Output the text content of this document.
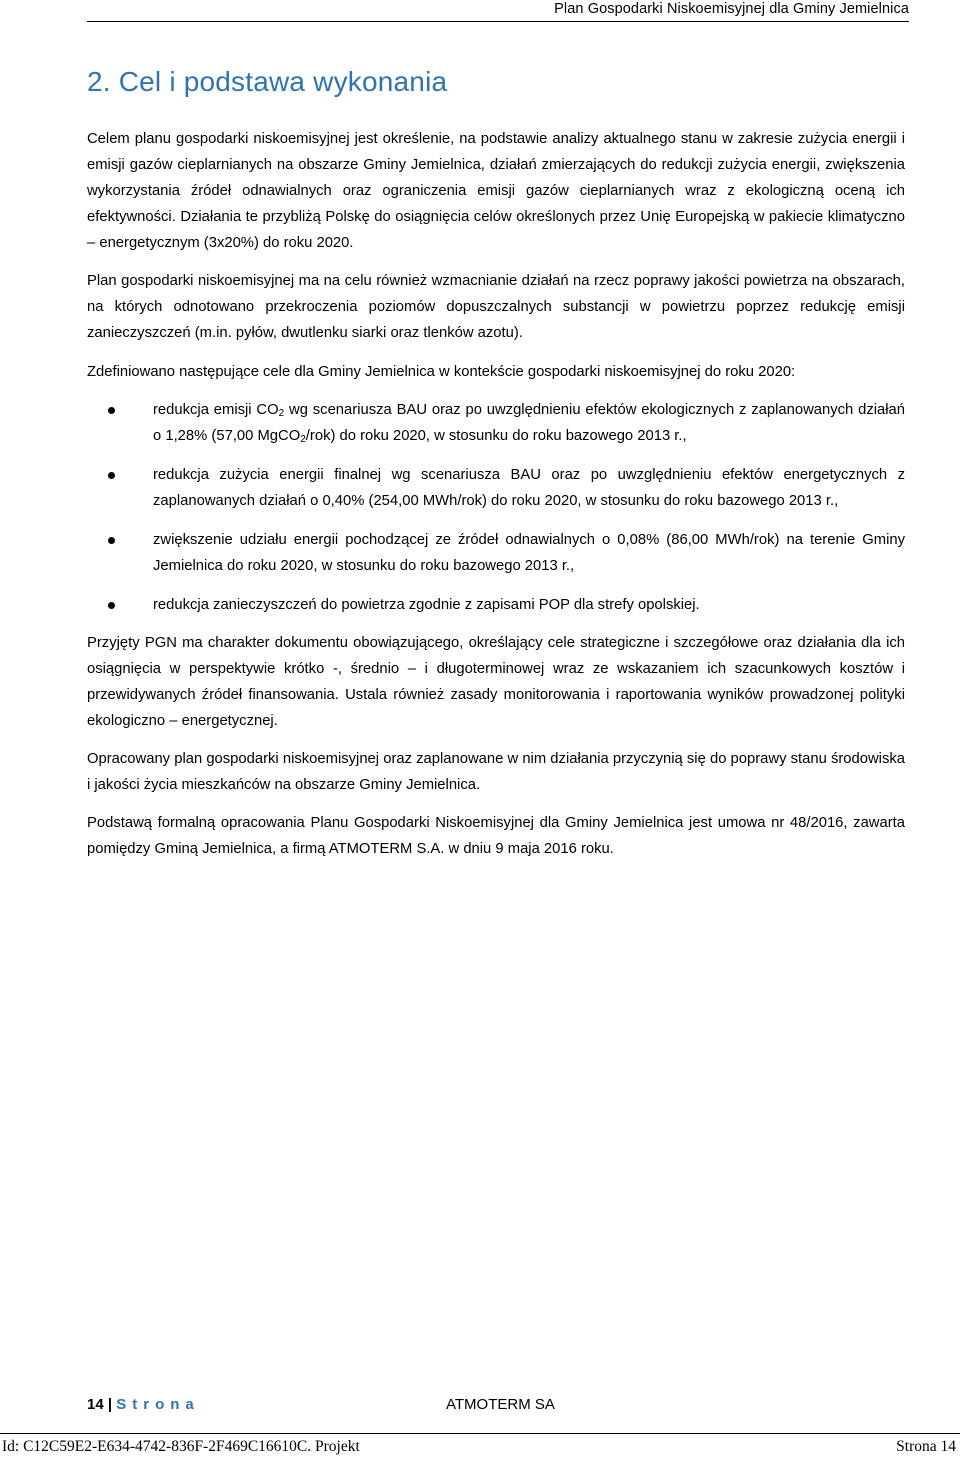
Plan Gospodarki Niskoemisyjnej dla Gminy Jemielnica
2. Cel i podstawa wykonania

Celem planu gospodarki niskoemisyjnej jest określenie, na podstawie analizy aktualnego stanu w zakresie zużycia energii i emisji gazów cieplarnianych na obszarze Gminy Jemielnica, działań zmierzających do redukcji zużycia energii, zwiększenia wykorzystania źródeł odnawialnych oraz ograniczenia emisji gazów cieplarnianych wraz z ekologiczną oceną ich efektywności. Działania te przybliżą Polskę do osiągnięcia celów określonych przez Unię Europejską w pakiecie klimatyczno – energetycznym (3x20%) do roku 2020.

Plan gospodarki niskoemisyjnej ma na celu również wzmacnianie działań na rzecz poprawy jakości powietrza na obszarach, na których odnotowano przekroczenia poziomów dopuszczalnych substancji w powietrzu poprzez redukcję emisji zanieczyszczeń (m.in. pyłów, dwutlenku siarki oraz tlenków azotu).

Zdefiniowano następujące cele dla Gminy Jemielnica w kontekście gospodarki niskoemisyjnej do roku 2020:

redukcja emisji $CO_2$ wg scenariusza BAU oraz po uwzględnieniu efektów ekologicznych z zaplanowanych działań o 1,28% (57,00 MgCO$_2$/rok) do roku 2020, w stosunku do roku bazowego 2013 r.,
redukcja zużycia energii finalnej wg scenariusza BAU oraz po uwzględnieniu efektów energetycznych z zaplanowanych działań o 0,40% (254,00 MWh/rok) do roku 2020, w stosunku do roku bazowego 2013 r.,
zwiększenie udziału energii pochodzącej ze źródeł odnawialnych o 0,08% (86,00 MWh/rok) na terenie Gminy Jemielnica do roku 2020, w stosunku do roku bazowego 2013 r.,
redukcja zanieczyszczeń do powietrza zgodnie z zapisami POP dla strefy opolskiej.

Przyjęty PGN ma charakter dokumentu obowiązującego, określający cele strategiczne i szczegółowe oraz działania dla ich osiągnięcia w perspektywie krótko -, średnio – i długoterminowej wraz ze wskazaniem ich szacunkowych kosztów i przewidywanych źródeł finansowania. Ustala również zasady monitorowania i raportowania wyników prowadzonej polityki ekologiczno – energetycznej.

Opracowany plan gospodarki niskoemisyjnej oraz zaplanowane w nim działania przyczynią się do poprawy stanu środowiska i jakości życia mieszkańców na obszarze Gminy Jemielnica.

Podstawą formalną opracowania Planu Gospodarki Niskoemisyjnej dla Gminy Jemielnica jest umowa nr 48/2016, zawarta pomiędzy Gminą Jemielnica, a firmą ATMOTERM S.A. w dniu 9 maja 2016 roku.

14 | Strona	ATMOTERM SA
Id: C12C59E2-E634-4742-836F-2F469C16610C. Projekt	Strona 14
